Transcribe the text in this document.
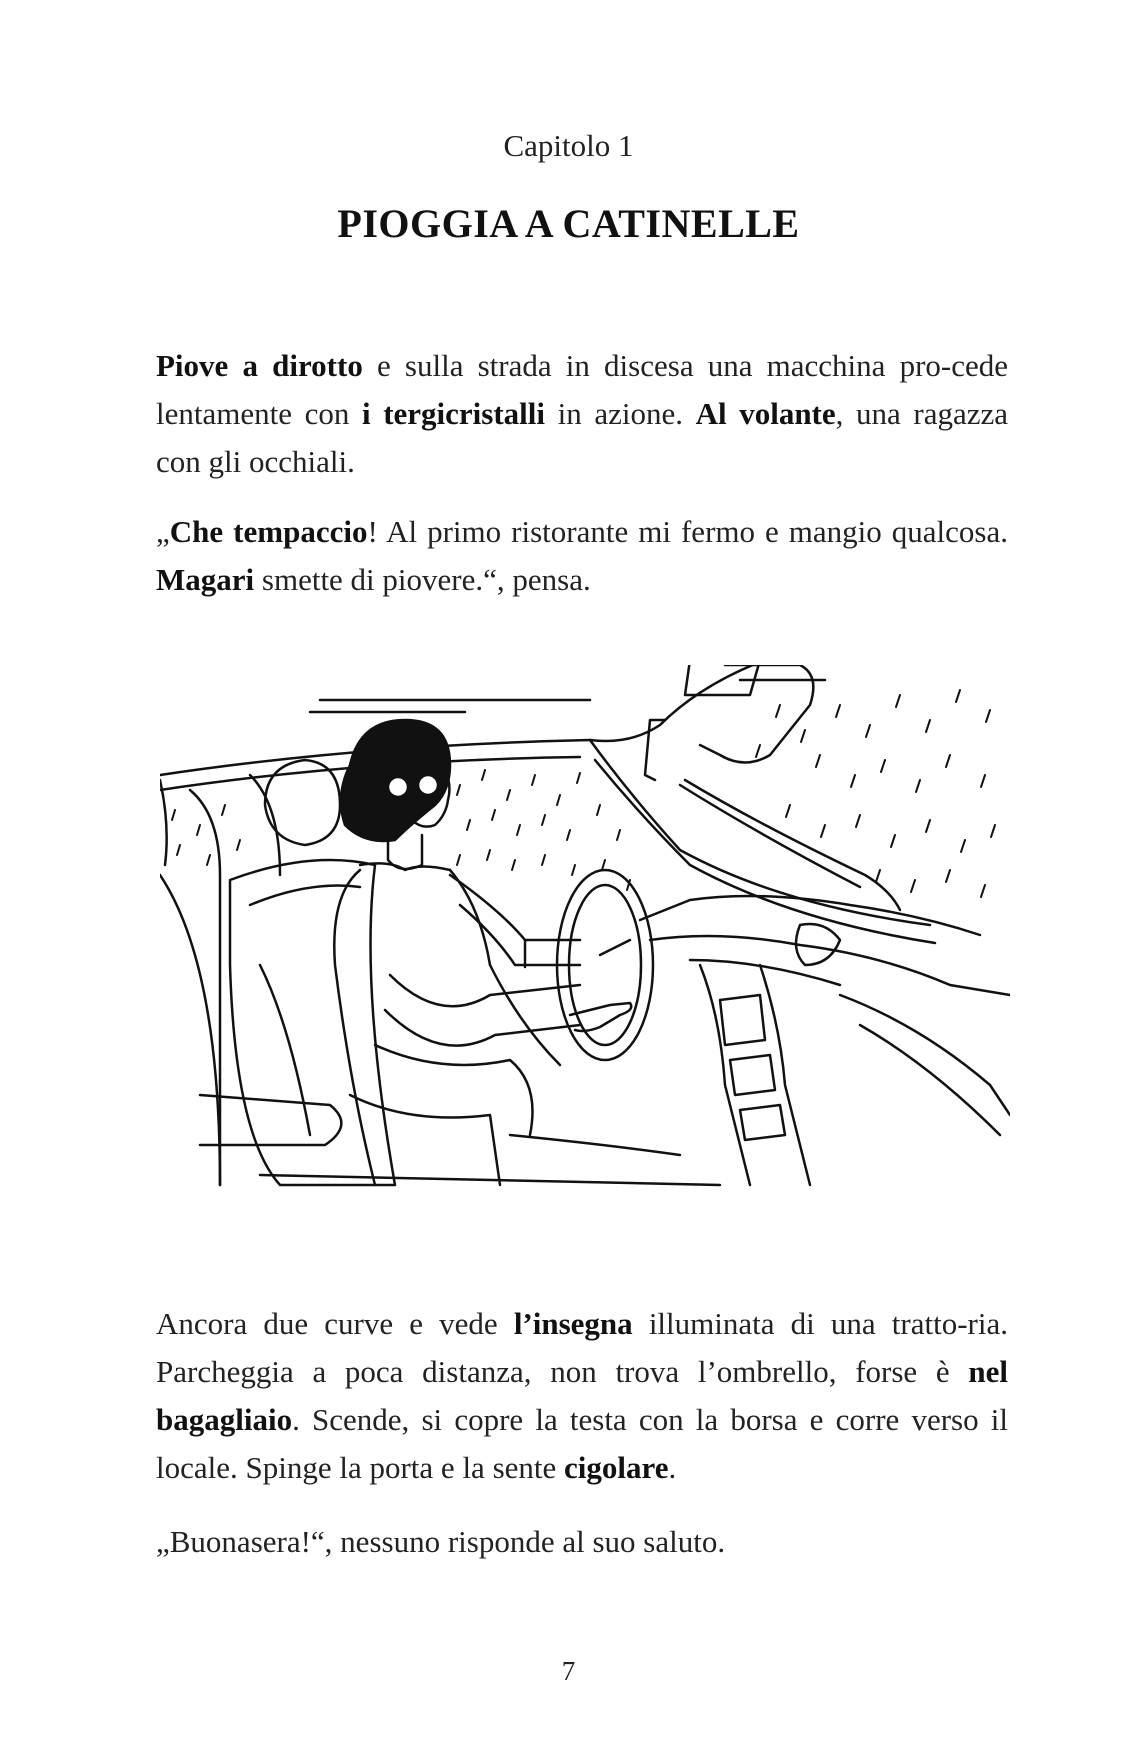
Capitolo 1
PIOGGIA A CATINELLE

Piove a dirotto e sulla strada in discesa una macchina pro-cede lentamente con i tergicristalli in azione. Al volante, una ragazza con gli occhiali.

„Che tempaccio! Al primo ristorante mi fermo e mangio qualcosa. Magari smette di piovere.“, pensa.

Ancora due curve e vede l’insegna illuminata di una tratto-ria. Parcheggia a poca distanza, non trova l’ombrello, forse è nel bagagliaio. Scende, si copre la testa con la borsa e corre verso il locale. Spinge la porta e la sente cigolare.

„Buonasera!“, nessuno risponde al suo saluto.

7
